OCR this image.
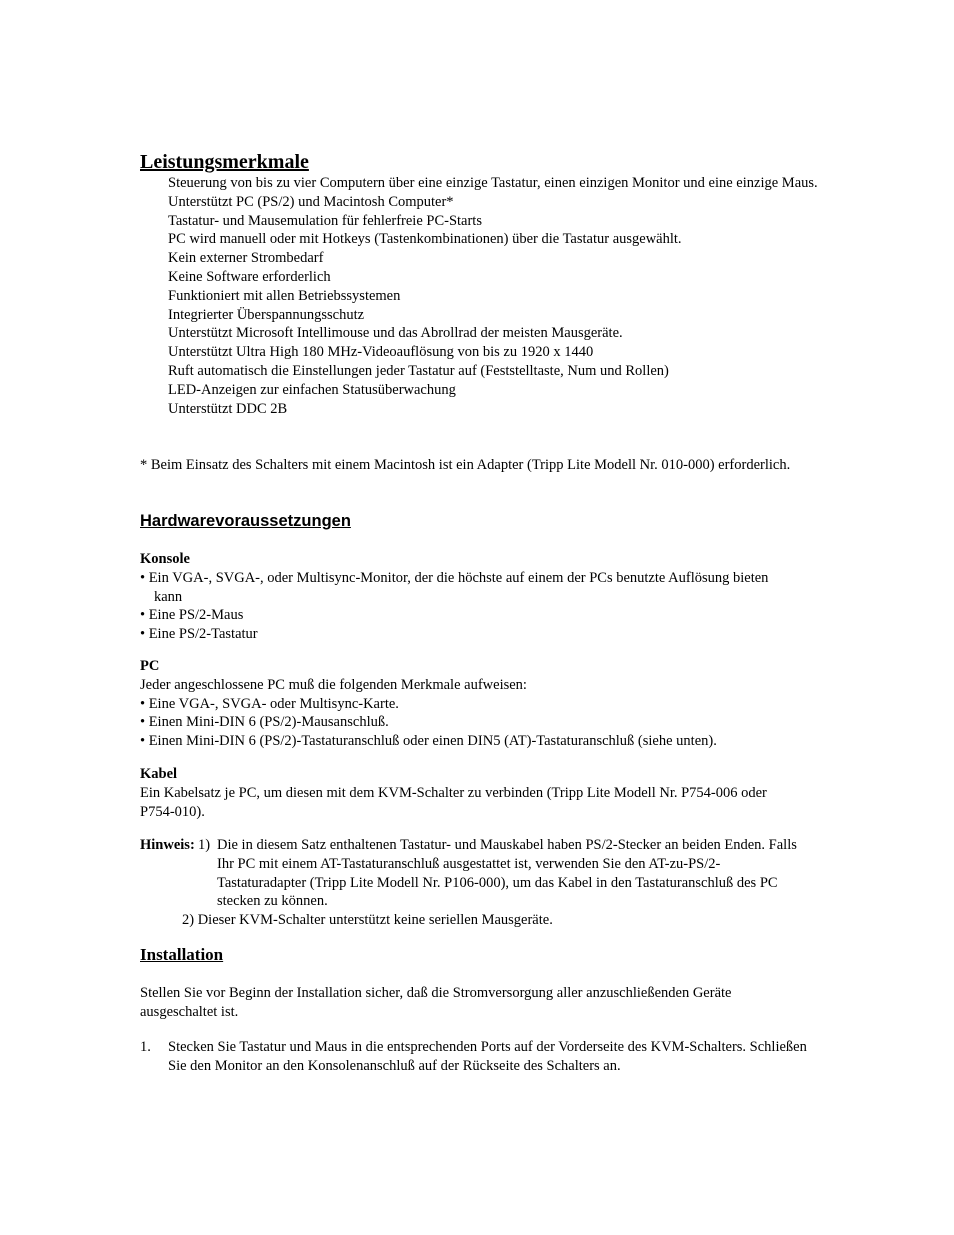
Leistungsmerkmale
Steuerung von bis zu vier Computern über eine einzige Tastatur, einen einzigen Monitor und eine einzige Maus.
Unterstützt PC (PS/2) und Macintosh Computer*
Tastatur- und Mausemulation für fehlerfreie PC-Starts
PC wird manuell oder mit Hotkeys (Tastenkombinationen) über die Tastatur ausgewählt.
Kein externer Strombedarf
Keine Software erforderlich
Funktioniert mit allen Betriebssystemen
Integrierter Überspannungsschutz
Unterstützt Microsoft Intellimouse und das Abrollrad der meisten Mausgeräte.
Unterstützt Ultra High 180 MHz-Videoauflösung von bis zu 1920 x 1440
Ruft automatisch die Einstellungen jeder Tastatur auf (Feststelltaste, Num und Rollen)
LED-Anzeigen zur einfachen Statusüberwachung
Unterstützt DDC 2B
* Beim Einsatz des Schalters mit einem Macintosh ist ein Adapter (Tripp Lite Modell Nr. 010-000) erforderlich.
Hardwarevoraussetzungen
Konsole
• Ein VGA-, SVGA-, oder Multisync-Monitor, der die höchste auf einem der PCs benutzte Auflösung bieten kann
• Eine PS/2-Maus
• Eine PS/2-Tastatur
PC
Jeder angeschlossene PC muß die folgenden Merkmale aufweisen:
• Eine VGA-, SVGA- oder Multisync-Karte.
• Einen Mini-DIN 6 (PS/2)-Mausanschluß.
• Einen Mini-DIN 6 (PS/2)-Tastaturanschluß oder einen DIN5 (AT)-Tastaturanschluß (siehe unten).
Kabel
Ein Kabelsatz je PC, um diesen mit dem KVM-Schalter zu verbinden (Tripp Lite Modell Nr. P754-006 oder P754-010).
Hinweis: 1) Die in diesem Satz enthaltenen Tastatur- und Mauskabel haben PS/2-Stecker an beiden Enden. Falls Ihr PC mit einem AT-Tastaturanschluß ausgestattet ist, verwenden Sie den AT-zu-PS/2-Tastaturadapter (Tripp Lite Modell Nr. P106-000), um das Kabel in den Tastaturanschluß des PC stecken zu können.
2) Dieser KVM-Schalter unterstützt keine seriellen Mausgeräte.
Installation
Stellen Sie vor Beginn der Installation sicher, daß die Stromversorgung aller anzuschließenden Geräte ausgeschaltet ist.
1.	Stecken Sie Tastatur und Maus in die entsprechenden Ports auf der Vorderseite des KVM-Schalters. Schließen Sie den Monitor an den Konsolenanschluß auf der Rückseite des Schalters an.
